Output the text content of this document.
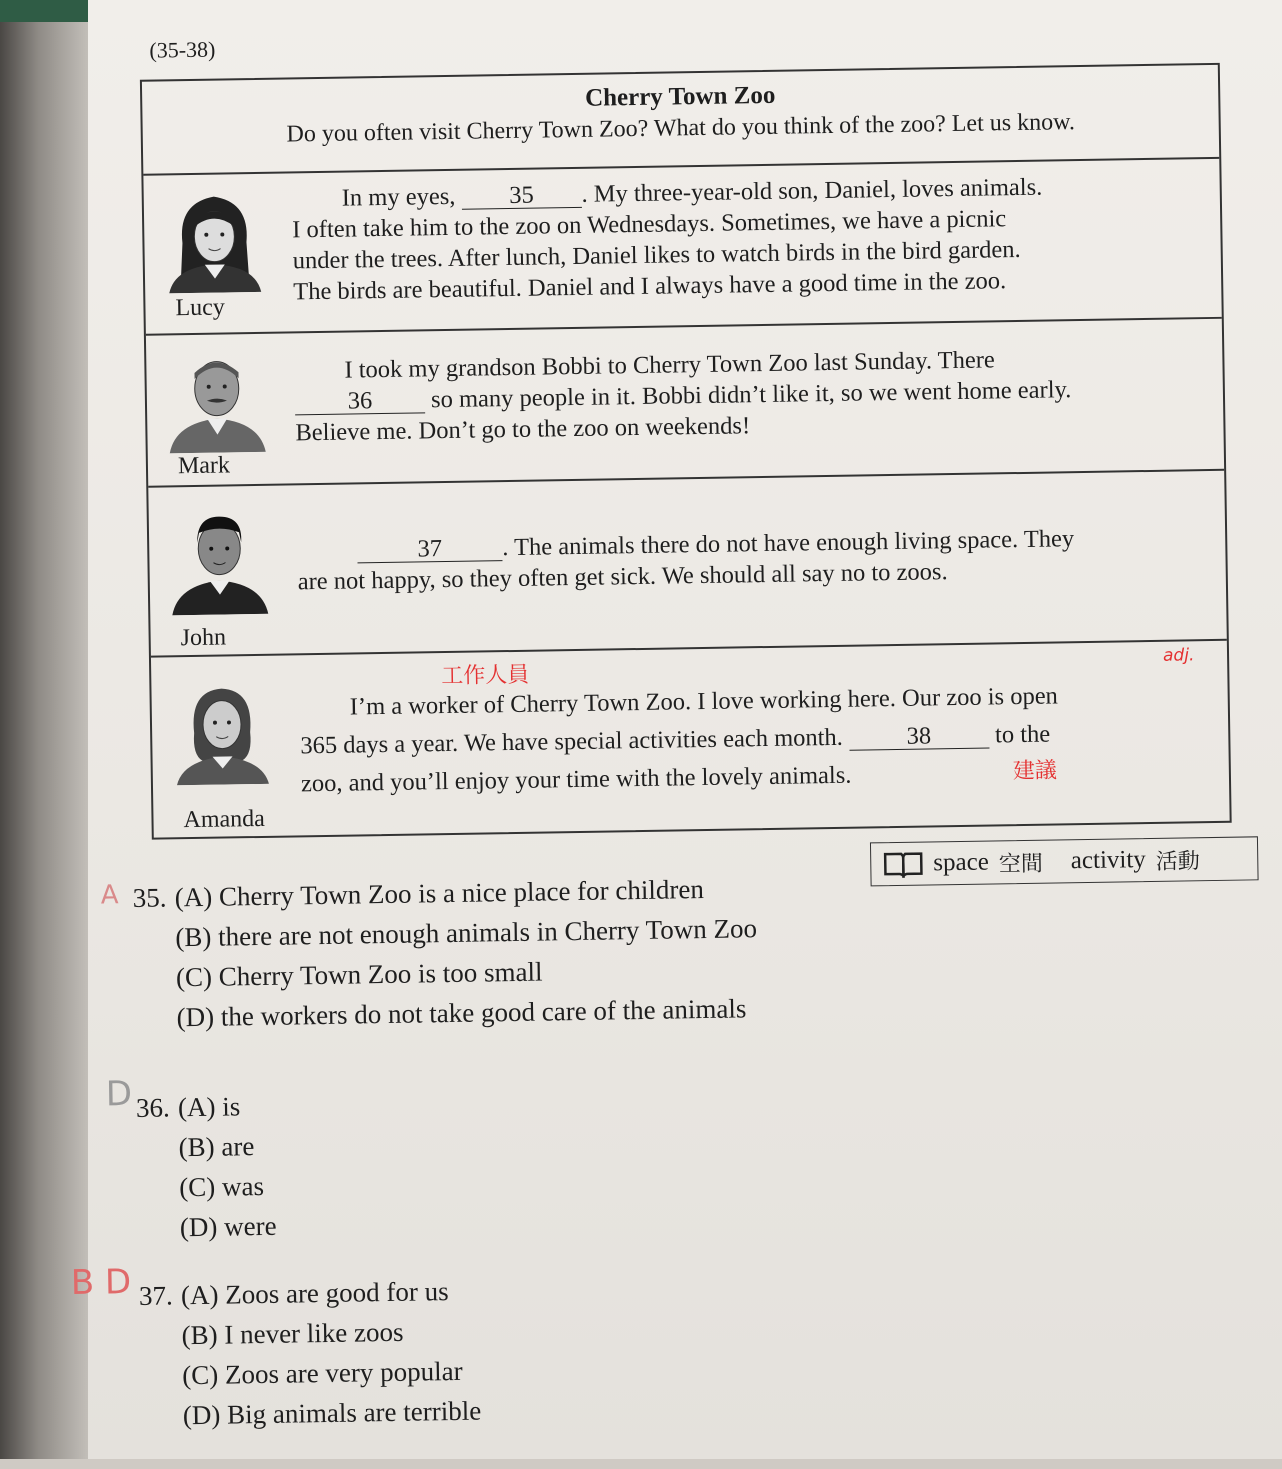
(35-38)
Cherry Town Zoo
Do you often visit Cherry Town Zoo? What do you think of the zoo? Let us know.
Lucy
In my eyes, 35 . My three-year-old son, Daniel, loves animals.
I often take him to the zoo on Wednesdays. Sometimes, we have a picnic
under the trees. After lunch, Daniel likes to watch birds in the bird garden.
The birds are beautiful. Daniel and I always have a good time in the zoo.
Mark
I took my grandson Bobbi to Cherry Town Zoo last Sunday. There
36 so many people in it. Bobbi didn’t like it, so we went home early.
Believe me. Don’t go to the zoo on weekends!
John
37 . The animals there do not have enough living space. They
are not happy, so they often get sick. We should all say no to zoos.
Amanda
工作人員
adj.
I’m a worker of Cherry Town Zoo. I love working here. Our zoo is open
365 days a year. We have special activities each month. 38 to the
zoo, and you’ll enjoy your time with the lovely animals.	建議
space 空間 activity 活動
35. (A) Cherry Town Zoo is a nice place for children
(B) there are not enough animals in Cherry Town Zoo
(C) Cherry Town Zoo is too small
(D) the workers do not take good care of the animals
A
36. (A) is
(B) are
(C) was
(D) were
D
37. (A) Zoos are good for us
(B) I never like zoos
(C) Zoos are very popular
(D) Big animals are terrible
B D
